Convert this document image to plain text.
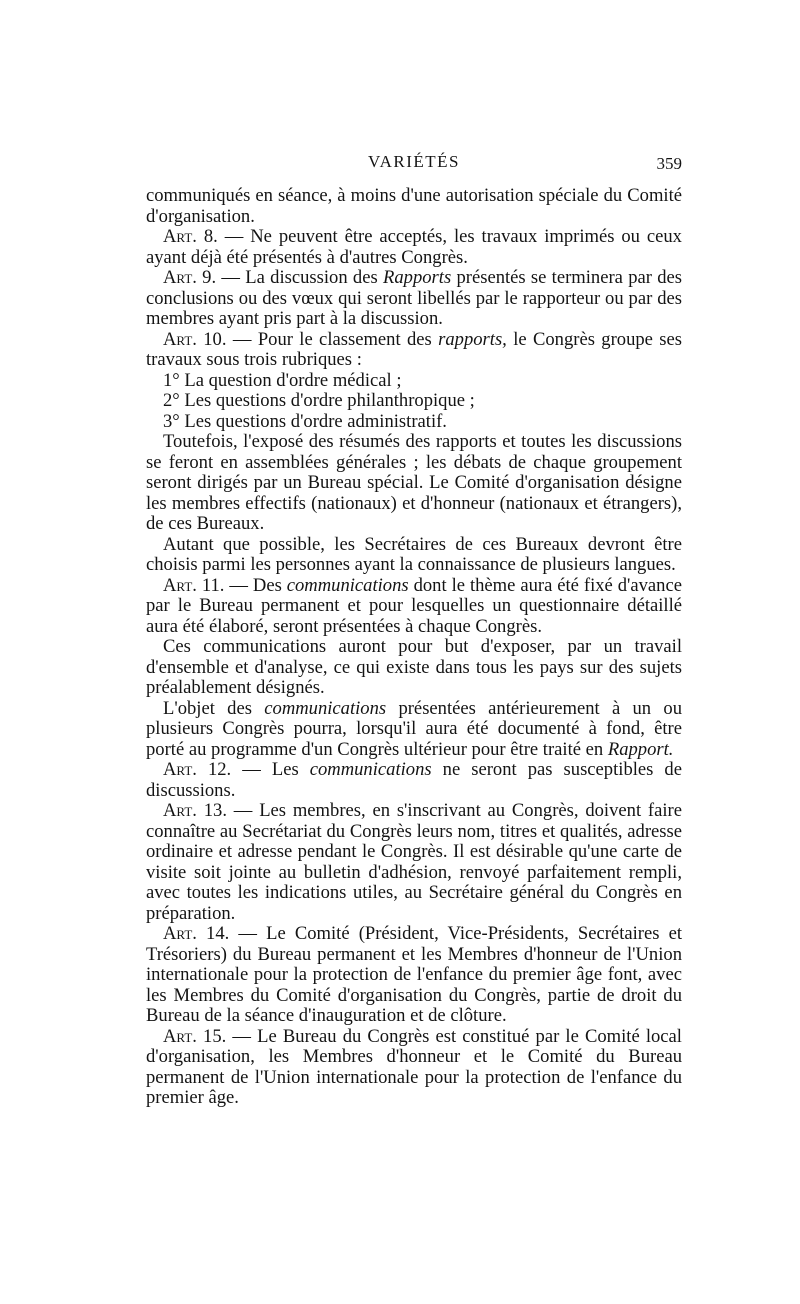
VARIÉTÉS	359

communiqués en séance, à moins d'une autorisation spéciale du Comité d'organisation.

Art. 8. — Ne peuvent être acceptés, les travaux imprimés ou ceux ayant déjà été présentés à d'autres Congrès.

Art. 9. — La discussion des Rapports présentés se terminera par des conclusions ou des vœux qui seront libellés par le rapporteur ou par des membres ayant pris part à la discussion.

Art. 10. — Pour le classement des rapports, le Congrès groupe ses travaux sous trois rubriques :

1° La question d'ordre médical ;

2° Les questions d'ordre philanthropique ;

3° Les questions d'ordre administratif.

Toutefois, l'exposé des résumés des rapports et toutes les discussions se feront en assemblées générales ; les débats de chaque groupement seront dirigés par un Bureau spécial. Le Comité d'organisation désigne les membres effectifs (nationaux) et d'honneur (nationaux et étrangers), de ces Bureaux.

Autant que possible, les Secrétaires de ces Bureaux devront être choisis parmi les personnes ayant la connaissance de plusieurs langues.

Art. 11. — Des communications dont le thème aura été fixé d'avance par le Bureau permanent et pour lesquelles un questionnaire détaillé aura été élaboré, seront présentées à chaque Congrès.

Ces communications auront pour but d'exposer, par un travail d'ensemble et d'analyse, ce qui existe dans tous les pays sur des sujets préalablement désignés.

L'objet des communications présentées antérieurement à un ou plusieurs Congrès pourra, lorsqu'il aura été documenté à fond, être porté au programme d'un Congrès ultérieur pour être traité en Rapport.

Art. 12. — Les communications ne seront pas susceptibles de discussions.

Art. 13. — Les membres, en s'inscrivant au Congrès, doivent faire connaître au Secrétariat du Congrès leurs nom, titres et qualités, adresse ordinaire et adresse pendant le Congrès. Il est désirable qu'une carte de visite soit jointe au bulletin d'adhésion, renvoyé parfaitement rempli, avec toutes les indications utiles, au Secrétaire général du Congrès en préparation.

Art. 14. — Le Comité (Président, Vice-Présidents, Secrétaires et Trésoriers) du Bureau permanent et les Membres d'honneur de l'Union internationale pour la protection de l'enfance du premier âge font, avec les Membres du Comité d'organisation du Congrès, partie de droit du Bureau de la séance d'inauguration et de clôture.

Art. 15. — Le Bureau du Congrès est constitué par le Comité local d'organisation, les Membres d'honneur et le Comité du Bureau permanent de l'Union internationale pour la protection de l'enfance du premier âge.
